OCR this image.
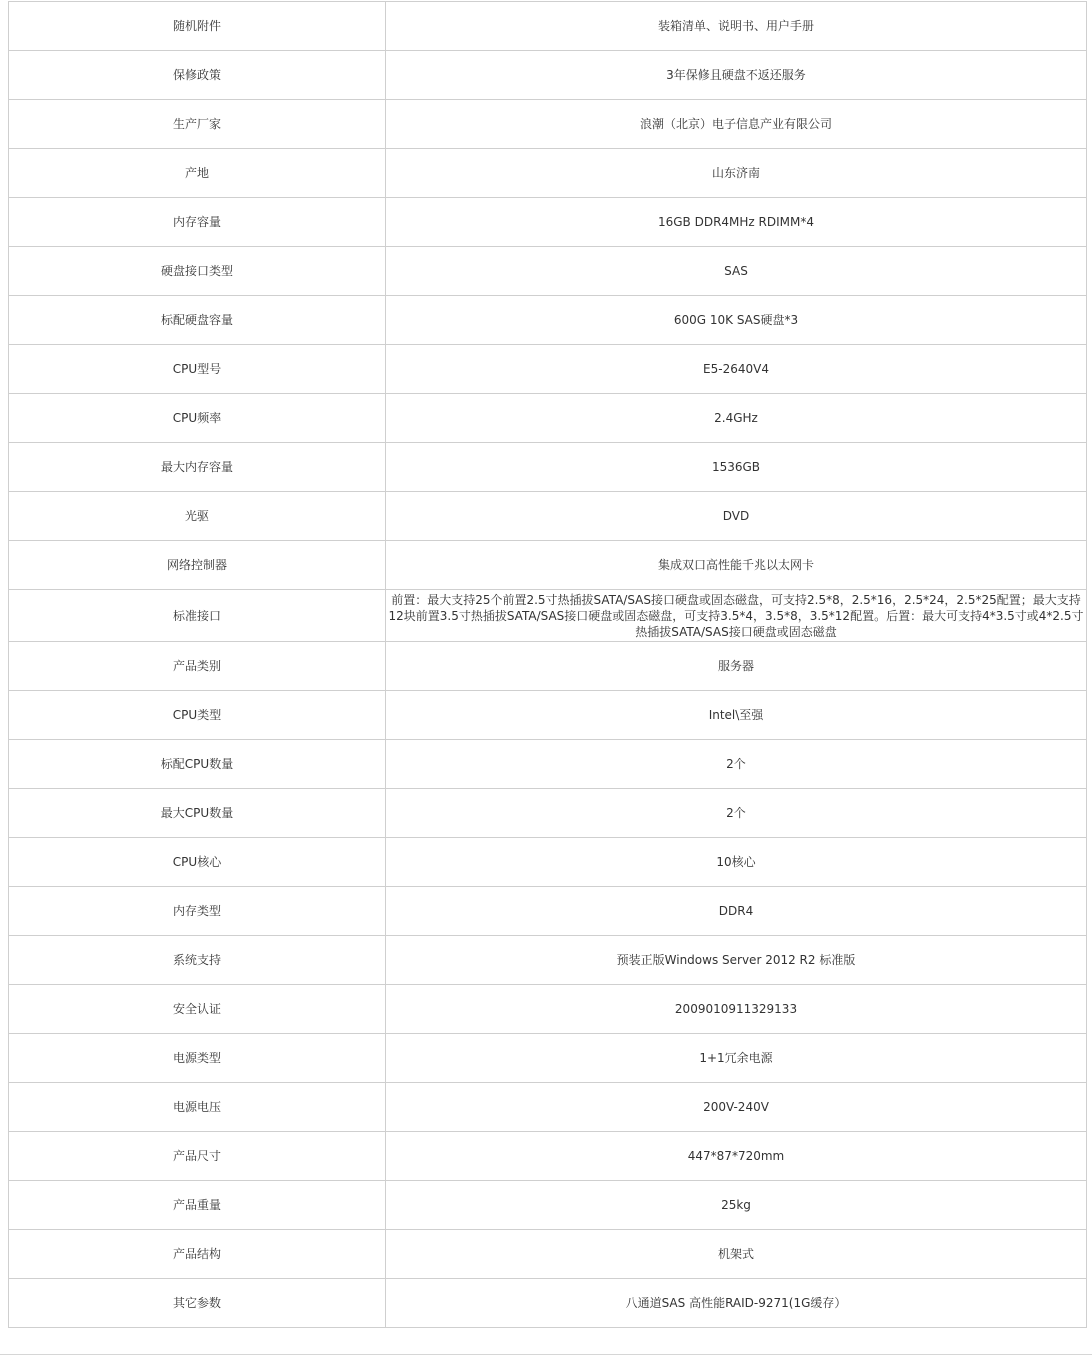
随机附件	装箱清单、说明书、用户手册
保修政策	3年保修且硬盘不返还服务
生产厂家	浪潮（北京）电子信息产业有限公司
产地	山东济南
内存容量	16GB DDR4MHz RDIMM*4
硬盘接口类型	SAS
标配硬盘容量	600G 10K SAS硬盘*3
CPU型号	E5-2640V4
CPU频率	2.4GHz
最大内存容量	1536GB
光驱	DVD
网络控制器	集成双口高性能千兆以太网卡
标准接口	前置：最大支持25个前置2.5寸热插拔SATA/SAS接口硬盘或固态磁盘，可支持2.5*8，2.5*16，2.5*24，2.5*25配置；最大支持12块前置3.5寸热插拔SATA/SAS接口硬盘或固态磁盘，可支持3.5*4，3.5*8，3.5*12配置。后置：最大可支持4*3.5寸或4*2.5寸热插拔SATA/SAS接口硬盘或固态磁盘
产品类别	服务器
CPU类型	Intel\至强
标配CPU数量	2个
最大CPU数量	2个
CPU核心	10核心
内存类型	DDR4
系统支持	预装正版Windows Server 2012 R2 标准版
安全认证	2009010911329133
电源类型	1+1冗余电源
电源电压	200V-240V
产品尺寸	447*87*720mm
产品重量	25kg
产品结构	机架式
其它参数	八通道SAS 高性能RAID-9271(1G缓存）
